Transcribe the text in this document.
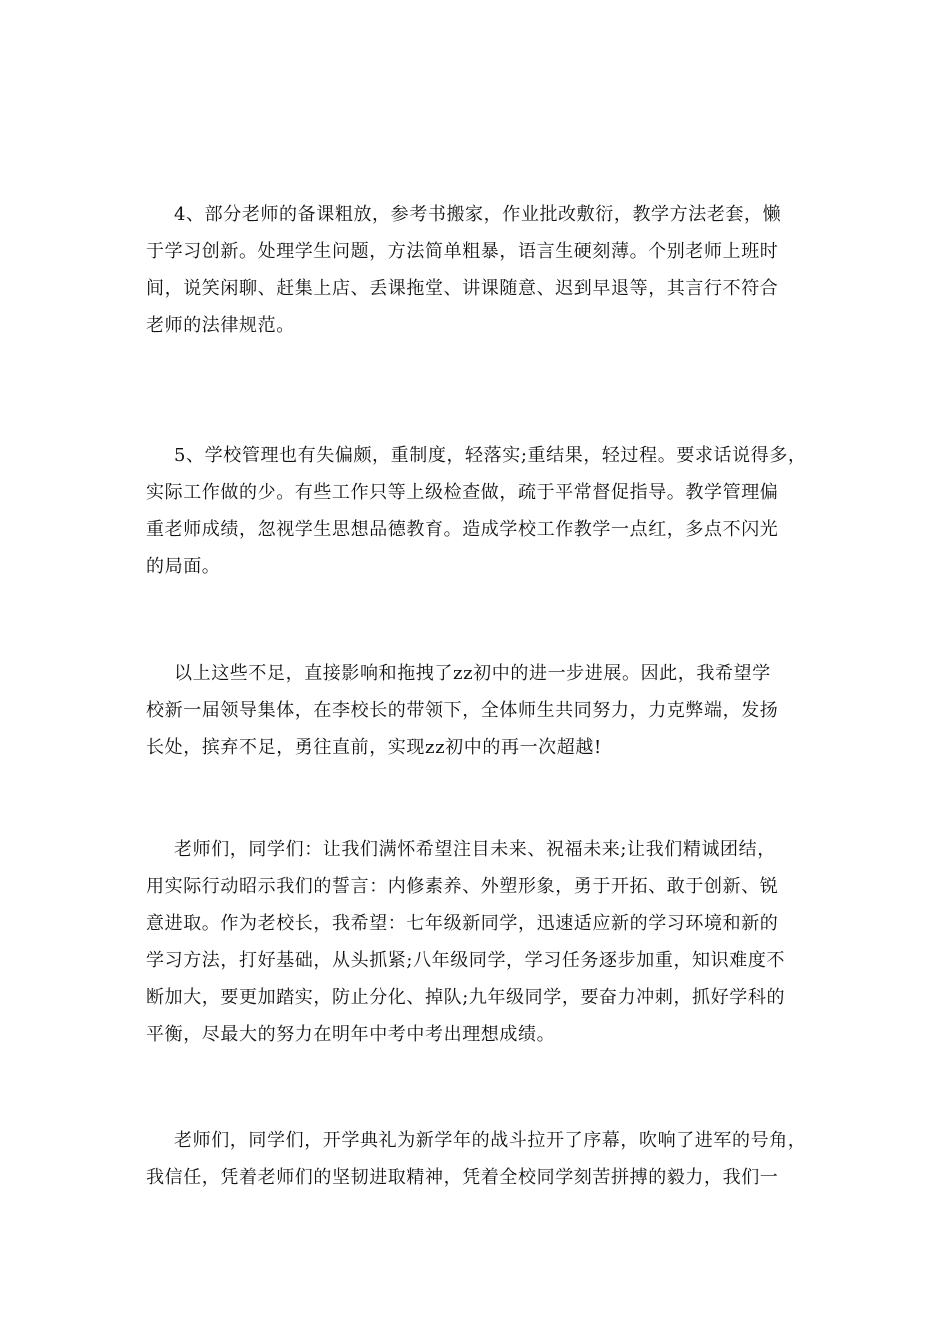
4、部分老师的备课粗放，参考书搬家，作业批改敷衍，教学方法老套，懒
于学习创新。处理学生问题，方法简单粗暴，语言生硬刻薄。个别老师上班时
间，说笑闲聊、赶集上店、丢课拖堂、讲课随意、迟到早退等，其言行不符合
老师的法律规范。
5、学校管理也有失偏颇，重制度，轻落实;重结果，轻过程。要求话说得多，
实际工作做的少。有些工作只等上级检查做，疏于平常督促指导。教学管理偏
重老师成绩，忽视学生思想品德教育。造成学校工作教学一点红，多点不闪光
的局面。
以上这些不足，直接影响和拖拽了zz初中的进一步进展。因此，我希望学
校新一届领导集体，在李校长的带领下，全体师生共同努力，力克弊端，发扬
长处，摈弃不足，勇往直前，实现zz初中的再一次超越!
老师们，同学们：让我们满怀希望注目未来、祝福未来;让我们精诚团结，
用实际行动昭示我们的誓言：内修素养、外塑形象，勇于开拓、敢于创新、锐
意进取。作为老校长，我希望：七年级新同学，迅速适应新的学习环境和新的
学习方法，打好基础，从头抓紧;八年级同学，学习任务逐步加重，知识难度不
断加大，要更加踏实，防止分化、掉队;九年级同学，要奋力冲刺，抓好学科的
平衡，尽最大的努力在明年中考中考出理想成绩。
老师们，同学们，开学典礼为新学年的战斗拉开了序幕，吹响了进军的号角，
我信任，凭着老师们的坚韧进取精神，凭着全校同学刻苦拼搏的毅力，我们一
